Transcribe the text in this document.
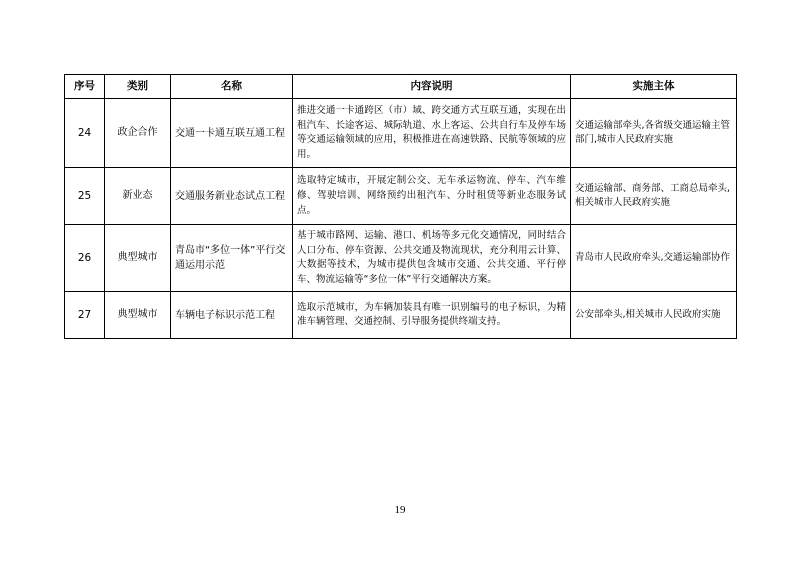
序号	类别	名称	内容说明	实施主体
24	政企合作	交通一卡通互联互通工程	推进交通一卡通跨区（市）域、跨交通方式互联互通，实现在出租汽车、长途客运、城际轨道、水上客运、公共自行车及停车场等交通运输领域的应用，积极推进在高速铁路、民航等领域的应用。	交通运输部牵头,各省级交通运输主管部门,城市人民政府实施
25	新业态	交通服务新业态试点工程	选取特定城市，开展定制公交、无车承运物流、停车、汽车维修、驾驶培训、网络预约出租汽车、分时租赁等新业态服务试点。	交通运输部、商务部、工商总局牵头,相关城市人民政府实施
26	典型城市	青岛市“多位一体”平行交通运用示范	基于城市路网、运输、港口、机场等多元化交通情况，同时结合人口分布、停车资源、公共交通及物流现状，充分利用云计算、大数据等技术，为城市提供包含城市交通、公共交通、平行停车、物流运输等“多位一体”平行交通解决方案。	青岛市人民政府牵头,交通运输部协作
27	典型城市	车辆电子标识示范工程	选取示范城市，为车辆加装具有唯一识别编号的电子标识，为精准车辆管理、交通控制、引导服务提供终端支持。	公安部牵头,相关城市人民政府实施
19
